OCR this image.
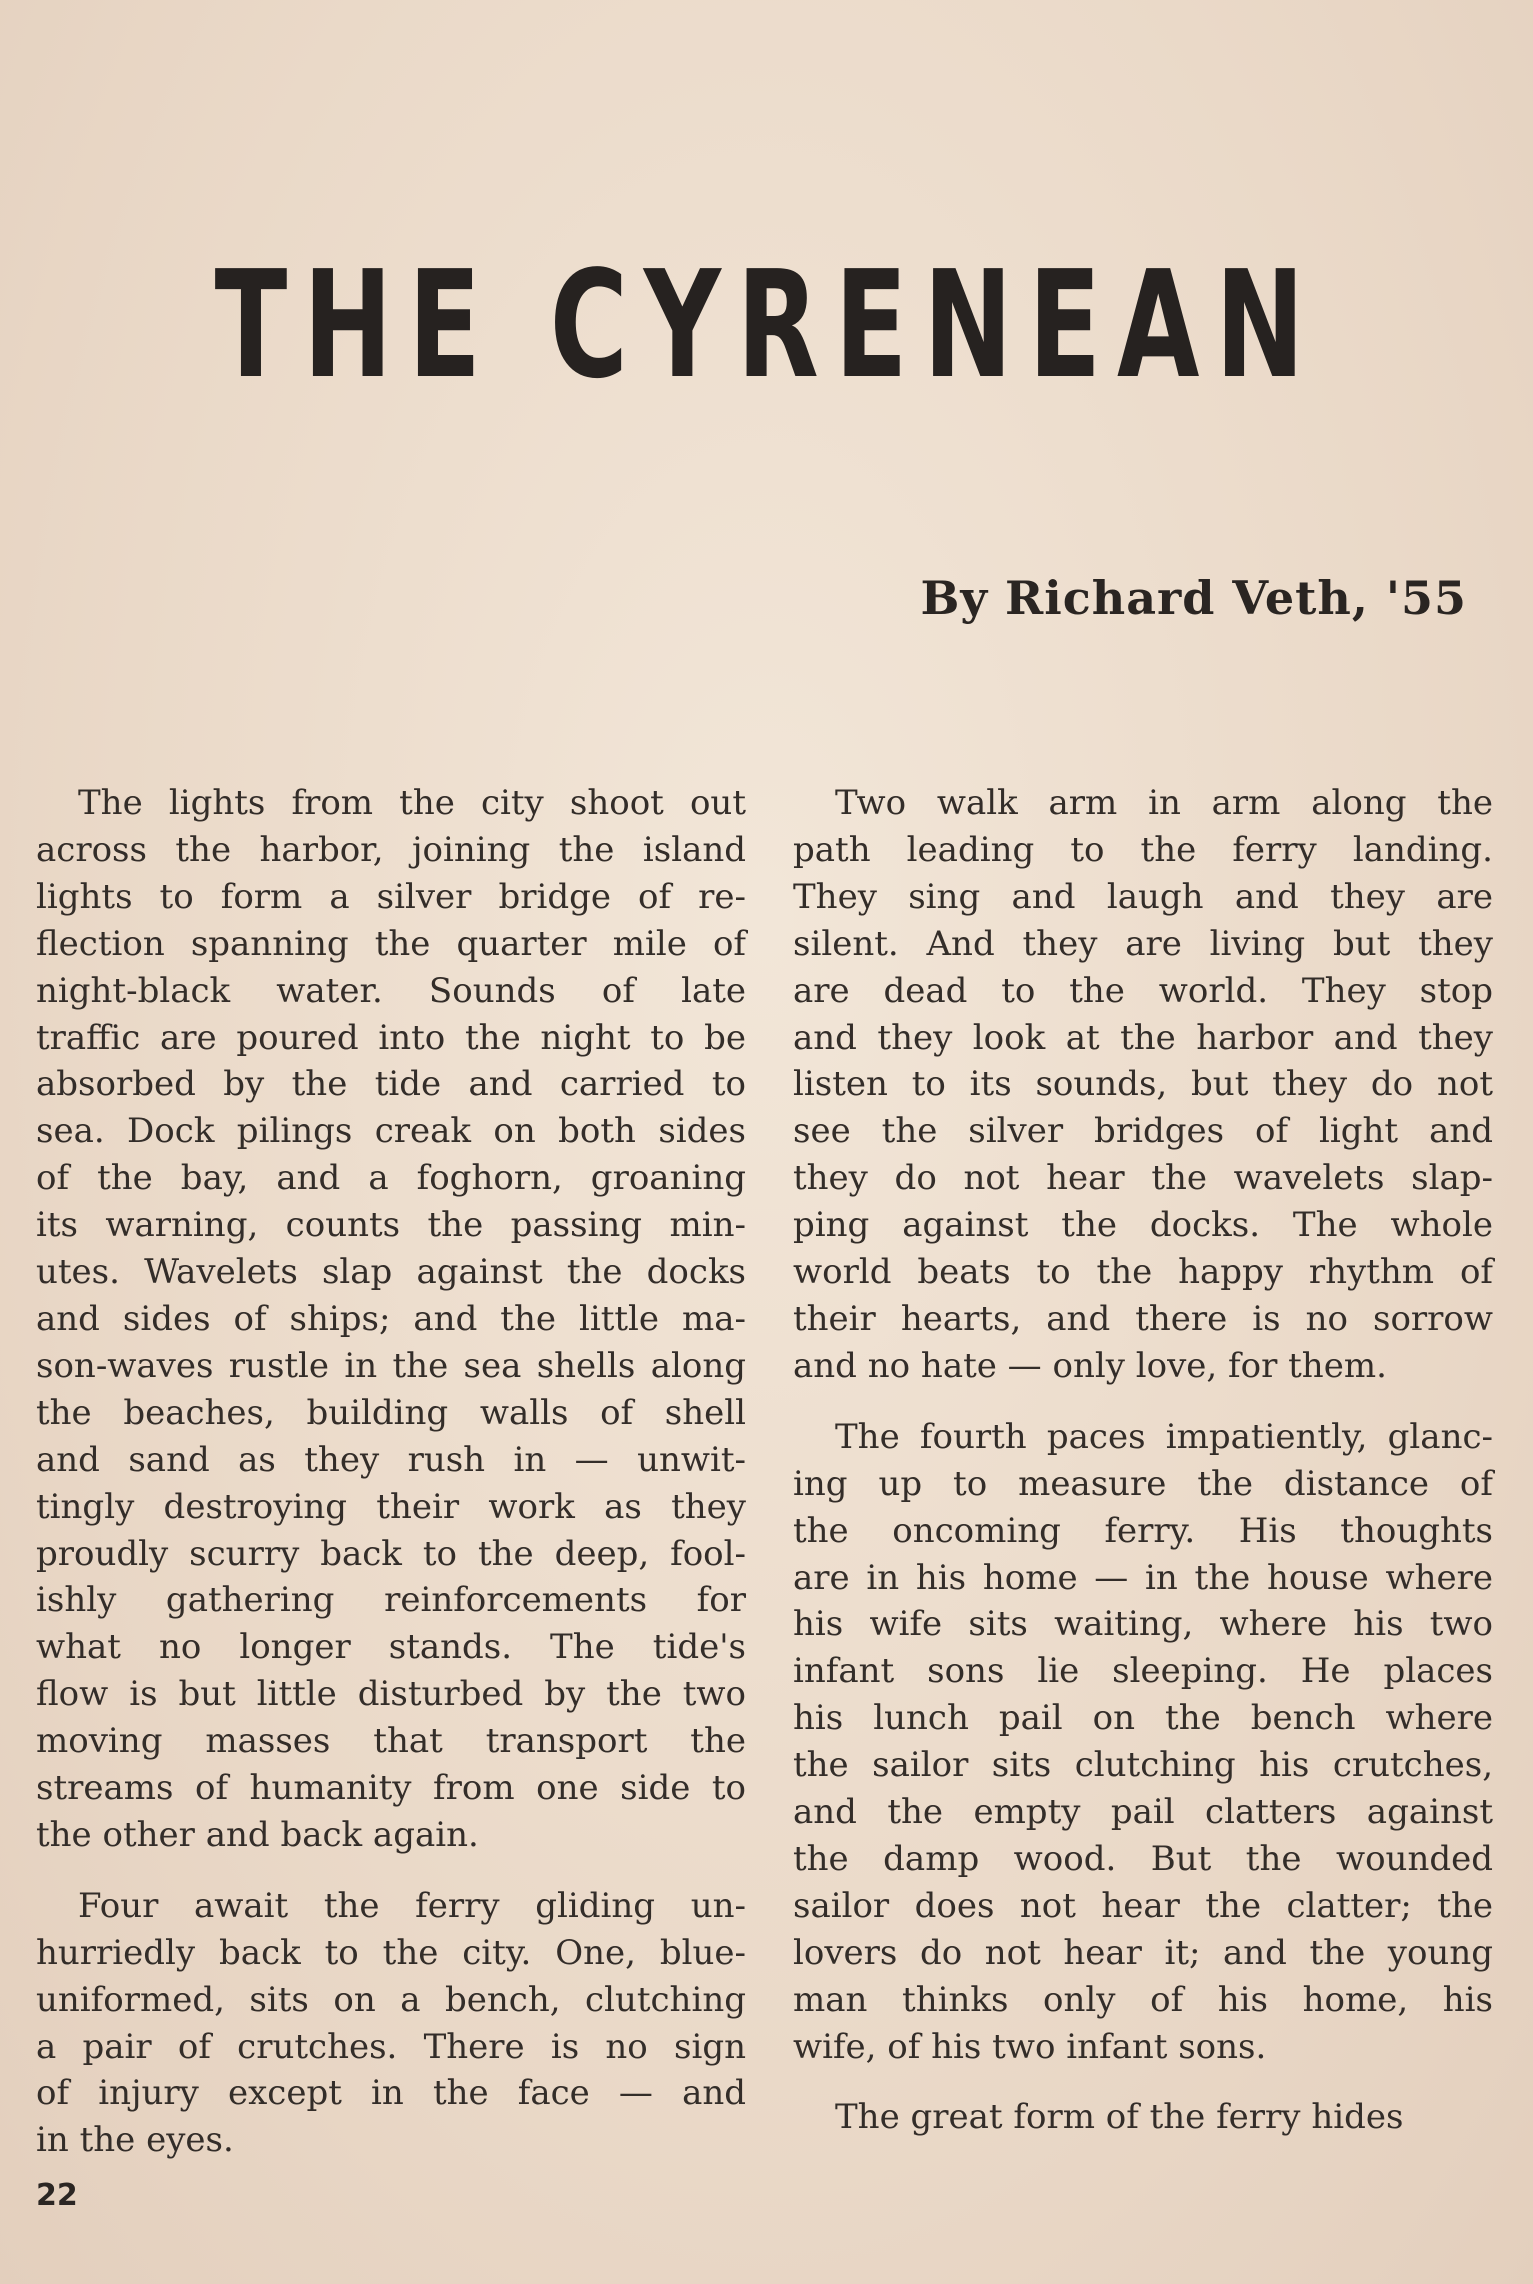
THE CYRENEAN
By Richard Veth, '55
The lights from the city shoot out
across the harbor, joining the island
lights to form a silver bridge of re-
flection spanning the quarter mile of
night-black water. Sounds of late
traffic are poured into the night to be
absorbed by the tide and carried to
sea. Dock pilings creak on both sides
of the bay, and a foghorn, groaning
its warning, counts the passing min-
utes. Wavelets slap against the docks
and sides of ships; and the little ma-
son-waves rustle in the sea shells along
the beaches, building walls of shell
and sand as they rush in — unwit-
tingly destroying their work as they
proudly scurry back to the deep, fool-
ishly gathering reinforcements for
what no longer stands. The tide's
flow is but little disturbed by the two
moving masses that transport the
streams of humanity from one side to
the other and back again.
Four await the ferry gliding un-
hurriedly back to the city. One, blue-
uniformed, sits on a bench, clutching
a pair of crutches. There is no sign
of injury except in the face — and
in the eyes.
Two walk arm in arm along the
path leading to the ferry landing.
They sing and laugh and they are
silent. And they are living but they
are dead to the world. They stop
and they look at the harbor and they
listen to its sounds, but they do not
see the silver bridges of light and
they do not hear the wavelets slap-
ping against the docks. The whole
world beats to the happy rhythm of
their hearts, and there is no sorrow
and no hate — only love, for them.
The fourth paces impatiently, glanc-
ing up to measure the distance of
the oncoming ferry. His thoughts
are in his home — in the house where
his wife sits waiting, where his two
infant sons lie sleeping. He places
his lunch pail on the bench where
the sailor sits clutching his crutches,
and the empty pail clatters against
the damp wood. But the wounded
sailor does not hear the clatter; the
lovers do not hear it; and the young
man thinks only of his home, his
wife, of his two infant sons.
The great form of the ferry hides
22
